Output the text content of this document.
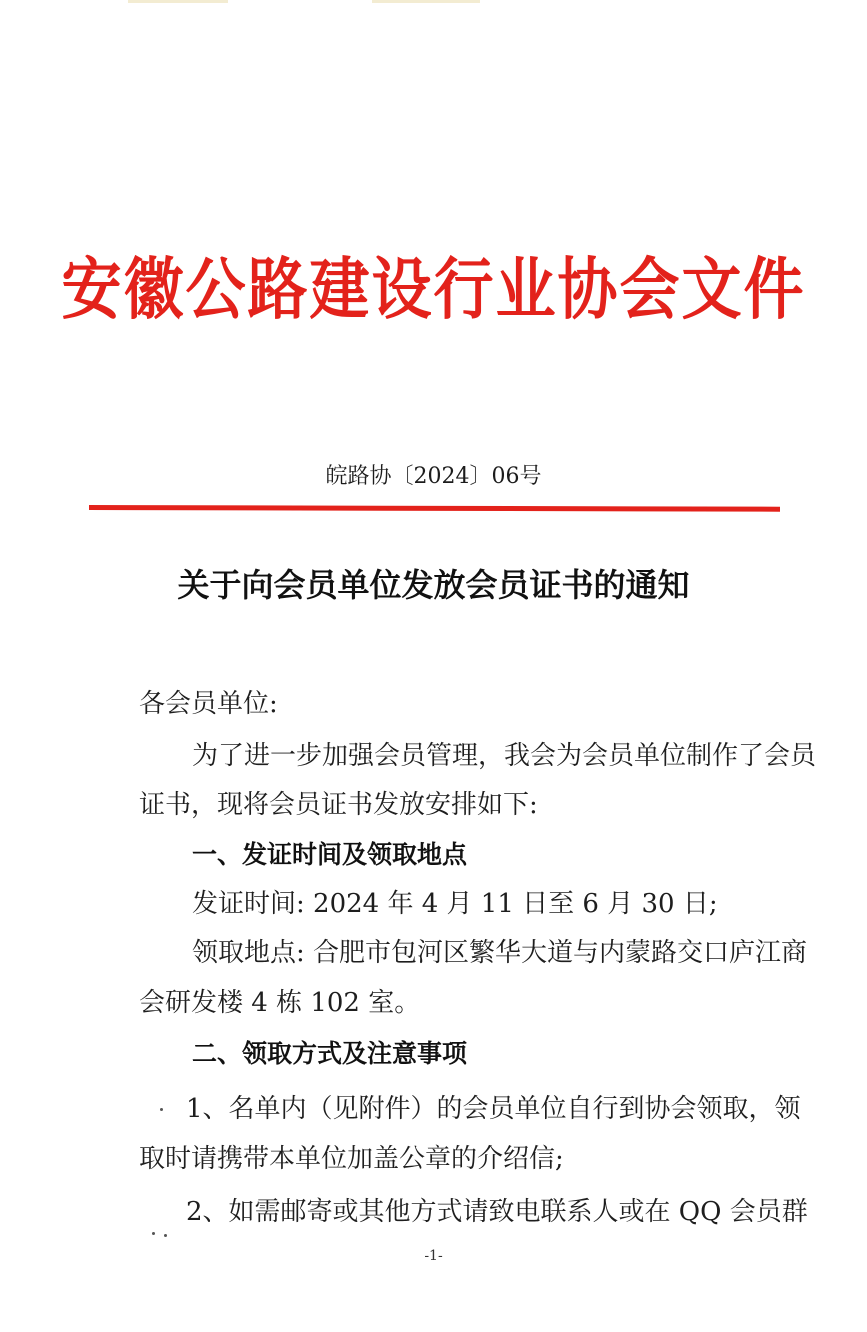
安徽公路建设行业协会文件
皖路协〔2024〕06号
关于向会员单位发放会员证书的通知
各会员单位:
为了进一步加强会员管理，我会为会员单位制作了会员
证书，现将会员证书发放安排如下:
一、发证时间及领取地点
发证时间: 2024 年 4 月 11 日至 6 月 30 日;
领取地点: 合肥市包河区繁华大道与内蒙路交口庐江商
会研发楼 4 栋 102 室。
二、领取方式及注意事项
1、名单内（见附件）的会员单位自行到协会领取，领
取时请携带本单位加盖公章的介绍信;
2、如需邮寄或其他方式请致电联系人或在 QQ 会员群
-1-
